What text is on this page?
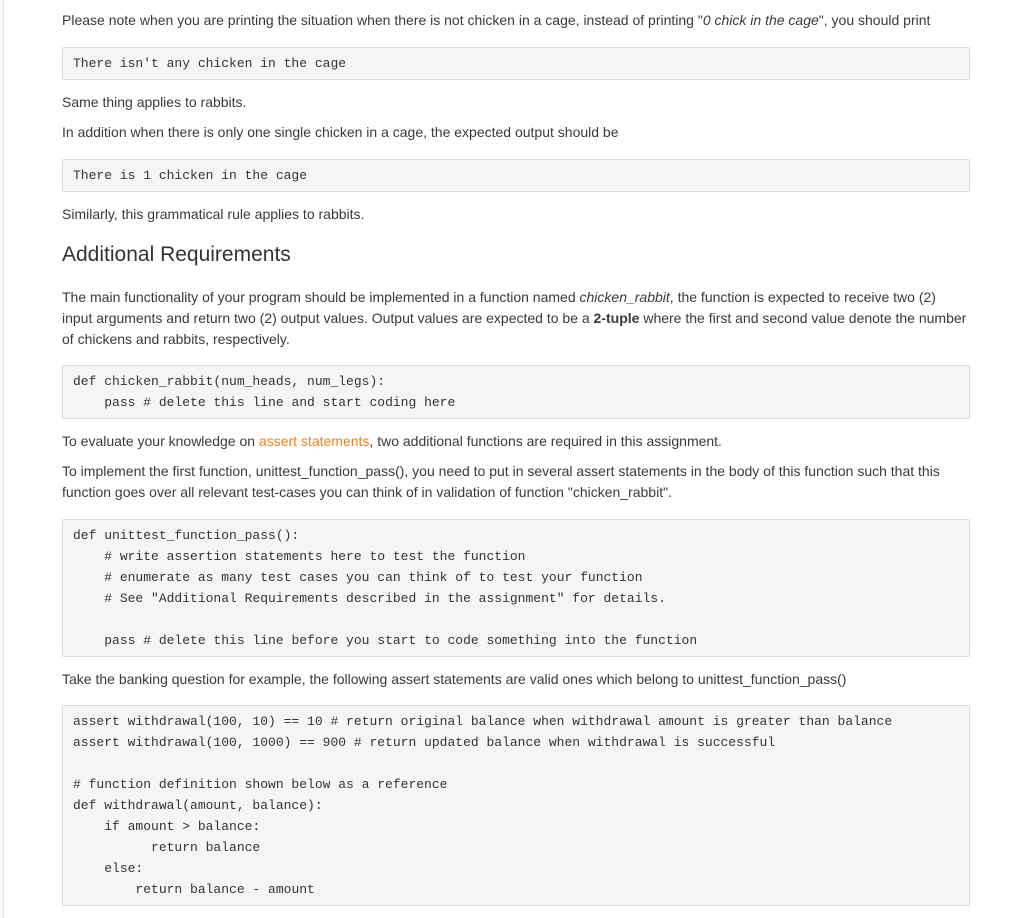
Please note when you are printing the situation when there is not chicken in a cage, instead of printing "0 chick in the cage", you should print

There isn't any chicken in the cage

Same thing applies to rabbits.

In addition when there is only one single chicken in a cage, the expected output should be

There is 1 chicken in the cage

Similarly, this grammatical rule applies to rabbits.

Additional Requirements

The main functionality of your program should be implemented in a function named chicken_rabbit, the function is expected to receive two (2) input arguments and return two (2) output values. Output values are expected to be a 2-tuple where the first and second value denote the number of chickens and rabbits, respectively.

def chicken_rabbit(num_heads, num_legs):
pass # delete this line and start coding here

To evaluate your knowledge on assert statements, two additional functions are required in this assignment.

To implement the first function, unittest_function_pass(), you need to put in several assert statements in the body of this function such that this function goes over all relevant test-cases you can think of in validation of function "chicken_rabbit".

def unittest_function_pass():
# write assertion statements here to test the function
# enumerate as many test cases you can think of to test your function
# See "Additional Requirements described in the assignment" for details.

pass # delete this line before you start to code something into the function

Take the banking question for example, the following assert statements are valid ones which belong to unittest_function_pass()

assert withdrawal(100, 10) == 10 # return original balance when withdrawal amount is greater than balance
assert withdrawal(100, 1000) == 900 # return updated balance when withdrawal is successful

# function definition shown below as a reference
def withdrawal(amount, balance):
if amount > balance:
return balance
else:
return balance - amount
